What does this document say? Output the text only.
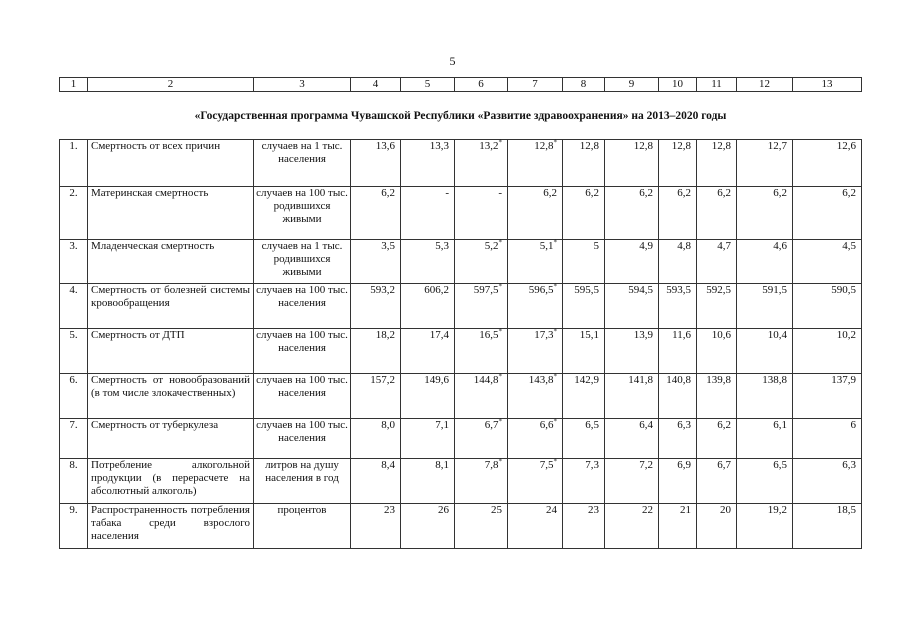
5
1	2	3	4	5	6	7	8	9	10	11	12	13
«Государственная программа Чувашской Республики «Развитие здравоохранения» на 2013–2020 годы												
1.	Смертность от всех причин	случаев на 1 тыс. населения	13,6	13,3	13,2*	12,8*	12,8	12,8	12,8	12,8	12,7	12,6
2.	Материнская смертность	случаев на 100 тыс. родившихся живыми	6,2	-	-	6,2	6,2	6,2	6,2	6,2	6,2	6,2
3.	Младенческая смертность	случаев на 1 тыс. родившихся живыми	3,5	5,3	5,2*	5,1*	5	4,9	4,8	4,7	4,6	4,5
4.	Смертность от болезней системы кровообращения	случаев на 100 тыс. населения	593,2	606,2	597,5*	596,5*	595,5	594,5	593,5	592,5	591,5	590,5
5.	Смертность от ДТП	случаев на 100 тыс. населения	18,2	17,4	16,5*	17,3*	15,1	13,9	11,6	10,6	10,4	10,2
6.	Смертность от новообразований (в том числе злокачественных)	случаев на 100 тыс. населения	157,2	149,6	144,8*	143,8*	142,9	141,8	140,8	139,8	138,8	137,9
7.	Смертность от туберкулеза	случаев на 100 тыс. населения	8,0	7,1	6,7*	6,6*	6,5	6,4	6,3	6,2	6,1	6
8.	Потребление алкогольной продукции (в перерасчете на абсолютный алкоголь)	литров на душу населения в год	8,4	8,1	7,8*	7,5*	7,3	7,2	6,9	6,7	6,5	6,3
9.	Распространенность потребления табака среди взрослого населения	процентов	23	26	25	24	23	22	21	20	19,2	18,5
